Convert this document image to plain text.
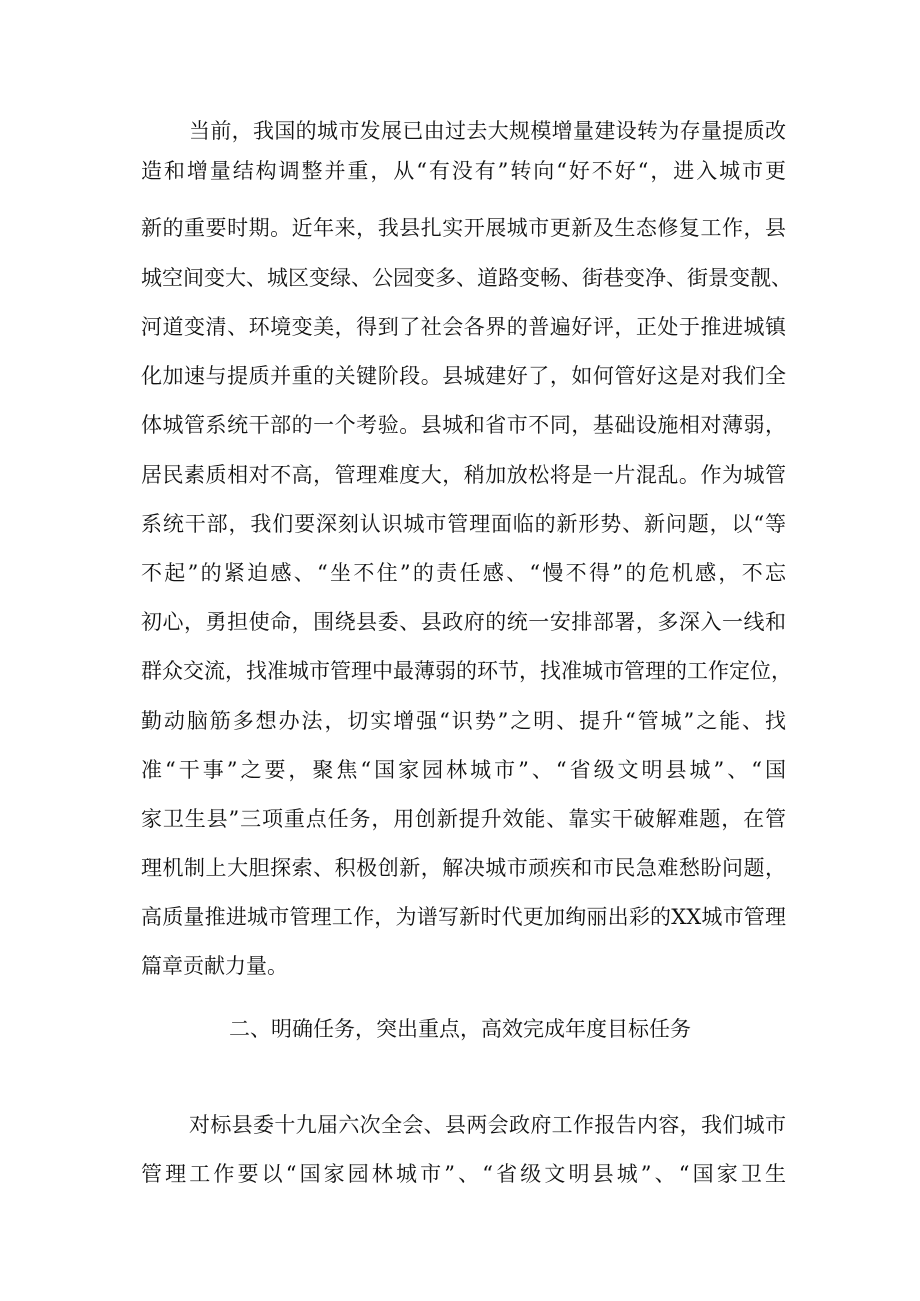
当前，我国的城市发展已由过去大规模增量建设转为存量提质改
造和增量结构调整并重，从“有没有”转向“好不好“，进入城市更
新的重要时期。近年来，我县扎实开展城市更新及生态修复工作，县
城空间变大、城区变绿、公园变多、道路变畅、街巷变净、街景变靓、
河道变清、环境变美，得到了社会各界的普遍好评，正处于推进城镇
化加速与提质并重的关键阶段。县城建好了，如何管好这是对我们全
体城管系统干部的一个考验。县城和省市不同，基础设施相对薄弱，
居民素质相对不高，管理难度大，稍加放松将是一片混乱。作为城管
系统干部，我们要深刻认识城市管理面临的新形势、新问题，以“等
不起”的紧迫感、“坐不住”的责任感、“慢不得”的危机感，不忘
初心，勇担使命，围绕县委、县政府的统一安排部署，多深入一线和
群众交流，找准城市管理中最薄弱的环节，找准城市管理的工作定位，
勤动脑筋多想办法，切实增强“识势”之明、提升“管城”之能、找
准“干事”之要，聚焦“国家园林城市”、“省级文明县城”、“国
家卫生县”三项重点任务，用创新提升效能、靠实干破解难题，在管
理机制上大胆探索、积极创新，解决城市顽疾和市民急难愁盼问题，
高质量推进城市管理工作，为谱写新时代更加绚丽出彩的XX城市管理
篇章贡献力量。
二、明确任务，突出重点，高效完成年度目标任务
对标县委十九届六次全会、县两会政府工作报告内容，我们城市
管理工作要以“国家园林城市”、“省级文明县城”、“国家卫生
